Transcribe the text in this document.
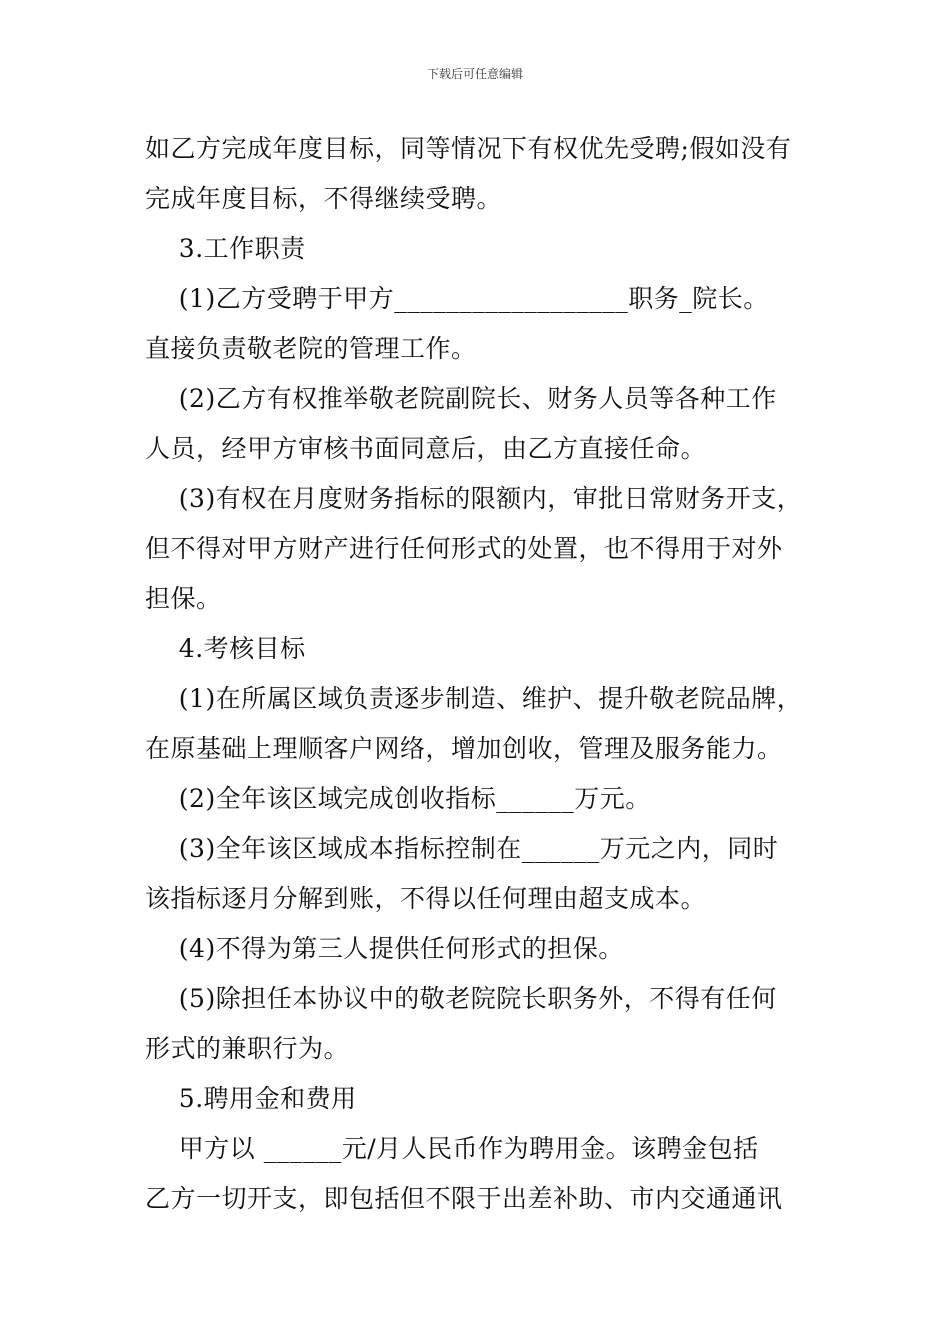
下载后可任意编辑
如乙方完成年度目标，同等情况下有权优先受聘;假如没有
完成年度目标，不得继续受聘。
3.工作职责
(1)乙方受聘于甲方__________________职务_院长。
直接负责敬老院的管理工作。
(2)乙方有权推举敬老院副院长、财务人员等各种工作
人员，经甲方审核书面同意后，由乙方直接任命。
(3)有权在月度财务指标的限额内，审批日常财务开支，
但不得对甲方财产进行任何形式的处置，也不得用于对外
担保。
4.考核目标
(1)在所属区域负责逐步制造、维护、提升敬老院品牌，
在原基础上理顺客户网络，增加创收，管理及服务能力。
(2)全年该区域完成创收指标______万元。
(3)全年该区域成本指标控制在______万元之内，同时
该指标逐月分解到账，不得以任何理由超支成本。
(4)不得为第三人提供任何形式的担保。
(5)除担任本协议中的敬老院院长职务外，不得有任何
形式的兼职行为。
5.聘用金和费用
甲方以 ______元/月人民币作为聘用金。该聘金包括
乙方一切开支，即包括但不限于出差补助、市内交通通讯
